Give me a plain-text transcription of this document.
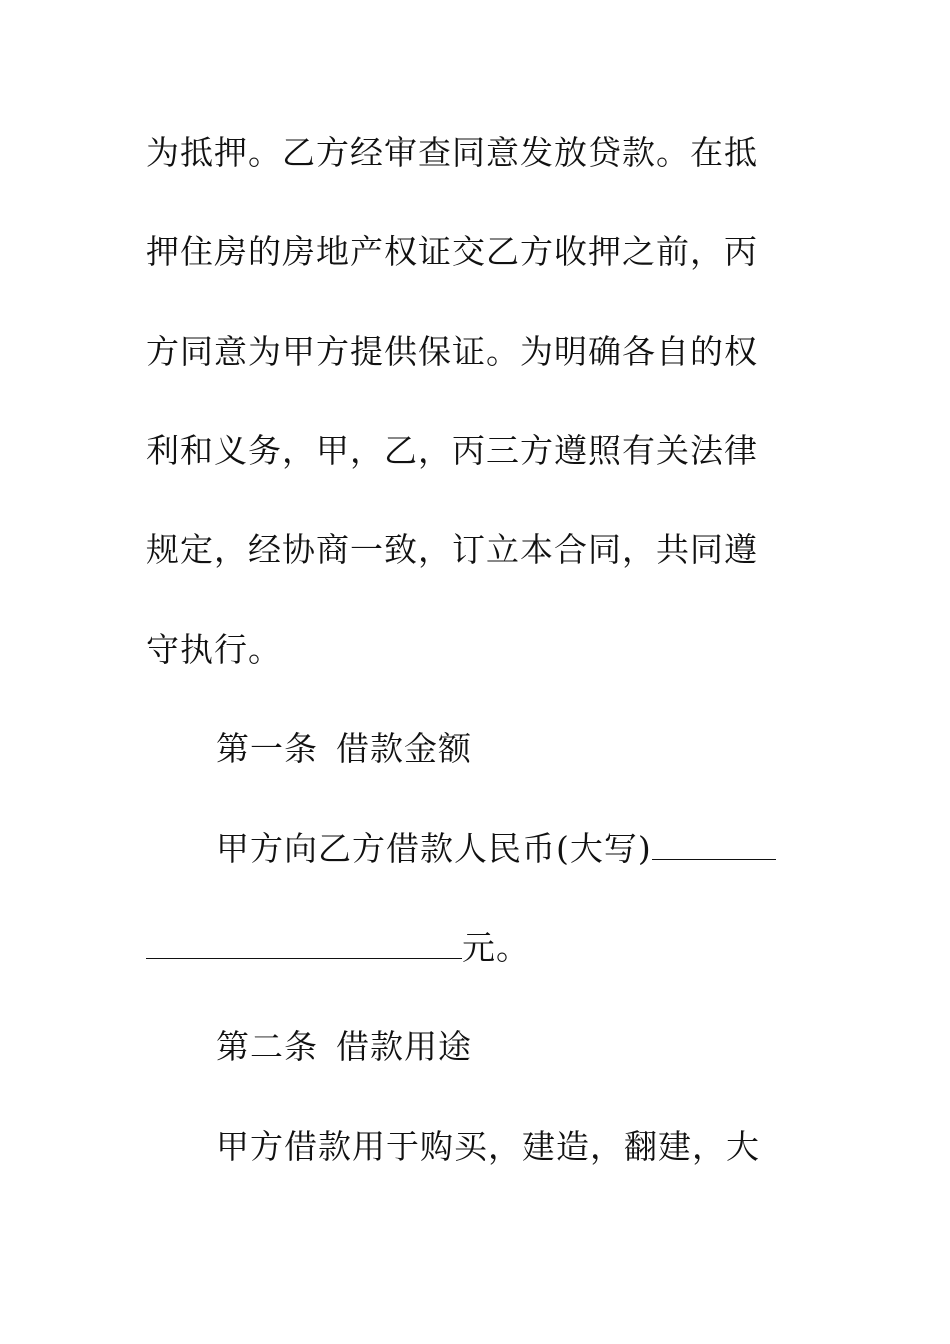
为抵押。乙方经审查同意发放贷款。在抵
押住房的房地产权证交乙方收押之前，丙
方同意为甲方提供保证。为明确各自的权
利和义务，甲，乙，丙三方遵照有关法律
规定，经协商一致，订立本合同，共同遵
守执行。
第一条 借款金额
甲方向乙方借款人民币(大写)
元。
第二条 借款用途
甲方借款用于购买，建造，翻建，大
